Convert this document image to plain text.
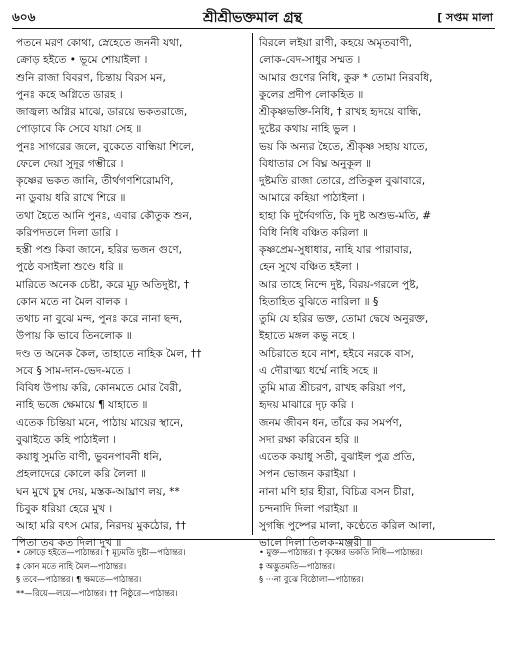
৬০৬	শ্রীশ্রীভক্তমাল গ্রন্থ	[ সপ্তম মালা
পতনে মরণ কোথা, স্নেহেতে জননী যথা,
ক্রোড় হইতে • ভূমে শোয়াইলা ।
শুনি রাজা বিবরণ, চিন্তায় বিরস মন,
পুনঃ কহে অগ্নিতে ডারহ ।
জাজ্বল্য অগ্নির মাঝে, ডারয়ে ভকতরাজে,
পোড়াবে কি সেবে যায়া সেহ ॥
পুনঃ সাগরের জলে, বুকেতে বান্ধিয়া শিলে,
ফেলে দেয়া সুদূর গম্ভীরে ।
কৃষ্ণের ভকত জানি, তীর্থগণশিরোমণি,
না ডুবায় ধরি রাখে শিরে ॥
তথা হৈতে আনি পুনঃ, এবার কৌতুক শুন,
করিপদতলে দিলা ডারি ।
হস্তী পশু কিবা জানে, হরির ভজন গুণে,
পুষ্ঠে বসাইলা শুণ্ডে ধরি ॥
মারিতে অনেক চেষ্টা, করে মূঢ় অতিদুষ্টা, †
কোন মতে না মৈল বালক ।
তথাচ না বুঝে মন্দ, পুনঃ করে নানা ছন্দ,
উপায় কি ভাবে তিনলোক ॥
দণ্ড ত অনেক কৈল, তাহাতে নাহিক মৈল, ††
সবে § সাম-দান-ভেদ-মতে ।
বিবিধ উপায় করি, কোনমতে মোর বৈরী,
নাহি ভজে ক্ষেমায়ে ¶ যাহাতে ॥
এতেক চিন্তিয়া মনে, পাঠায় মায়ের স্থানে,
বুঝাইতে কহি পাঠাইলা ।
কয়াধু সুমতি বাণী, ভুবনপাবনী ধনি,
প্রহলাদেরে কোলে করি লৈলা ॥
ঘন মুখে চুম্ব দেয়, মস্তক-আঘ্রাণ লয়, **
চিবুক ধরিয়া হেরে মুখ ।
আহা মরি বৎস মোর, নিরদয় মুকঠোর, ††
পিতা তব কত দিলা দুখ ॥
বিরলে লইয়া রাণী, কহয়ে অমৃতবাণী,
লোক-বেদ-সাধুর সম্মত ।
আমার গুণের নিধি, কুরু * তোমা নিরবধি,
কুলের প্রদীপ লোকহিত ॥
শ্রীকৃষ্ণভক্তি-নিধি, † রাখহ হৃদয়ে বান্ধি,
দুষ্টের কথায় নাহি ভুল ।
ভয় কি অন্যর হৈতে, শ্রীকৃষ্ণ সহায় যাতে,
বিধাতার সে বিঘ্ন অনুকূল ॥
দুষ্টমতি রাজা তোরে, প্রতিকুল বুঝাবারে,
আমারে কহিয়া পাঠাইলা ।
হাহা কি দুর্দৈবগতি, কি দুষ্ট অশুভ-মতি, #
বিধি নিধি বঞ্চিত করিলা ॥
কৃষ্ণপ্রেম-সুধাধার, নাহি যার পারাবার,
হেন সুখে বঞ্চিত হইলা ।
আর তাহে নিন্দে দুষ্ট, বিরয়-গরলে পুষ্ট,
হিতাহিত বুঝিতে নারিলা ॥ §
তুমি যে হরির ভক্ত, তোমা দ্বেষে অনুরক্ত,
ইহাতে মঙ্গল কভু নহে ।
অচিরাতে হবে নাশ, হইবে নরকে বাস,
এ দৌরাত্ম্য ধর্ম্মে নাহি সহে ॥
তুমি মাত্র শ্রীচরণ, রাখহ করিয়া পণ,
হৃদয় মাঝারে দৃঢ় করি ।
জনম জীবন ধন, তাঁরে কর সমর্পণ,
সদা রক্ষা করিবেন হরি ॥
এতেক কয়াধু সতী, বুঝাইল পুত্র প্রতি,
সপন ভোজন করাইয়া ।
নানা মণি হার হীরা, বিচিত্র বসন চীরা,
চন্দনাদি দিলা পরাইয়া ॥
সুগন্ধি পুষ্পের মালা, কণ্ঠেতে করিল আলা,
ভালে দিলা তিলক-মঞ্জরী ॥
• ক্রোড়ে হইতে—পাঠান্তর। † মূঢ়মতি দুষ্টা—পাঠান্তর।
‡ কোন মতে নাহি মৈল—পাঠান্তর।
§ তবে—পাঠান্তর। ¶ ক্ষমতে—পাঠান্তর।
**—রিয়ে—লয়ে—পাঠান্তর। †† নিষ্ঠুরে—পাঠান্তর।
• মুক্ত—পাঠান্তর। † কৃষ্ণের ভকতি নিধি—পাঠান্তর।
‡ অদ্ভুতমতি—পাঠান্তর।
§ ···না বুঝে বিষ্ঠোলা—পাঠান্তর।
